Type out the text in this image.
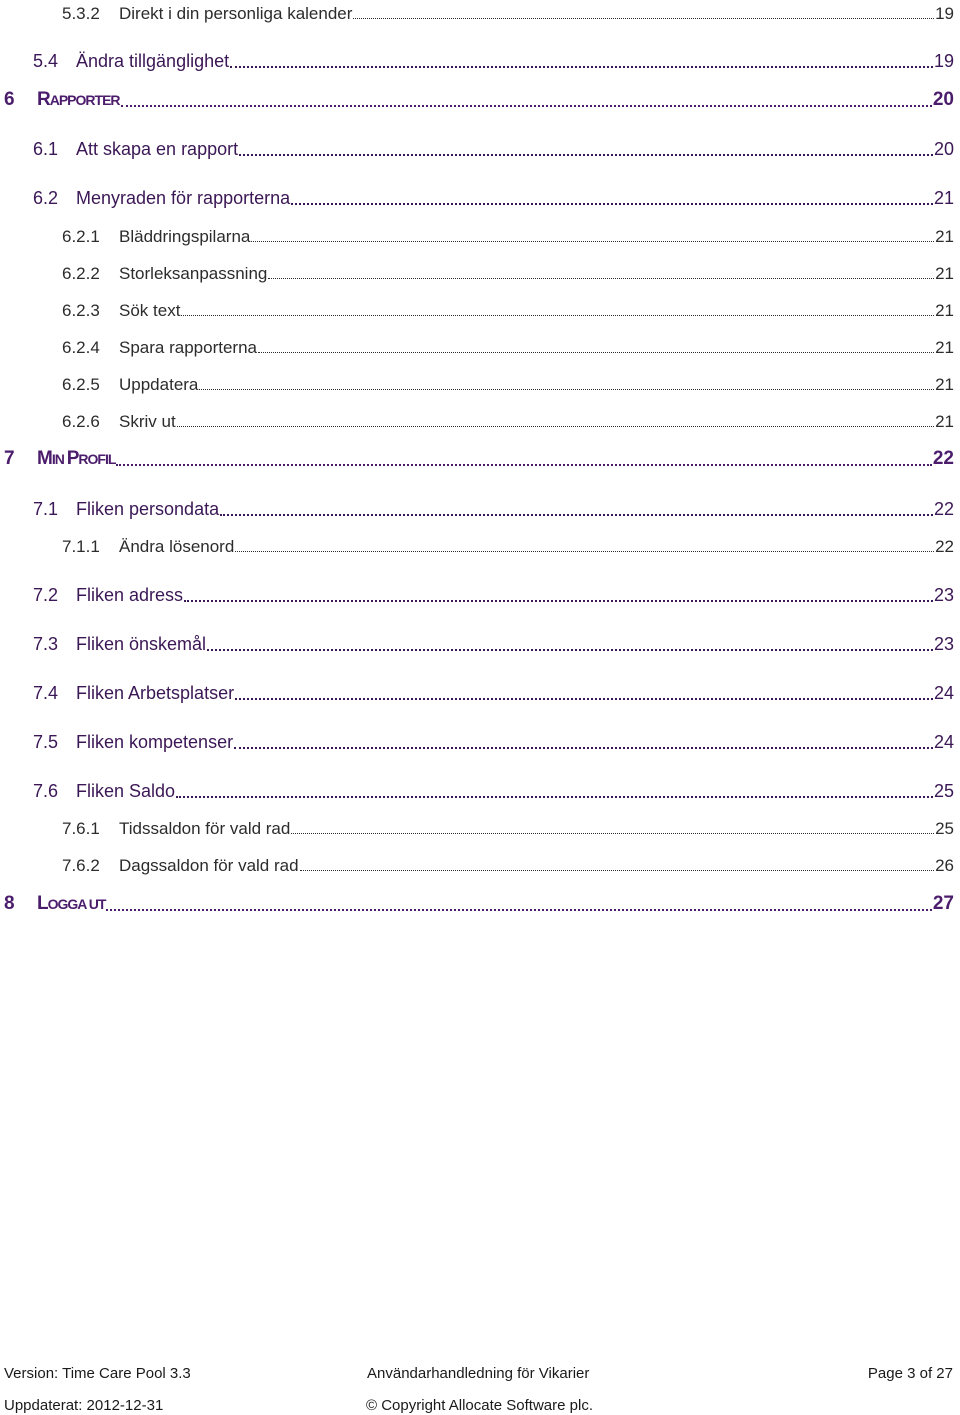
5.3.2	Direkt i din personliga kalender	19
5.4 Ändra tillgänglighet	19
6	RAPPORTER	20
6.1 Att skapa en rapport	20
6.2 Menyraden för rapporterna	21
6.2.1	Bläddringspilarna	21
6.2.2	Storleksanpassning	21
6.2.3	Sök text	21
6.2.4	Spara rapporterna	21
6.2.5	Uppdatera	21
6.2.6	Skriv ut	21
7	MIN PROFIL	22
7.1 Fliken persondata	22
7.1.1	Ändra lösenord	22
7.2 Fliken adress	23
7.3 Fliken önskemål	23
7.4 Fliken Arbetsplatser	24
7.5 Fliken kompetenser	24
7.6 Fliken Saldo	25
7.6.1	Tidssaldon för vald rad	25
7.6.2	Dagssaldon för vald rad	26
8	LOGGA UT	27
Version: Time Care Pool 3.3	Användarhandledning för Vikarier	Page 3 of 27
Uppdaterat: 2012-12-31	© Copyright Allocate Software plc.
